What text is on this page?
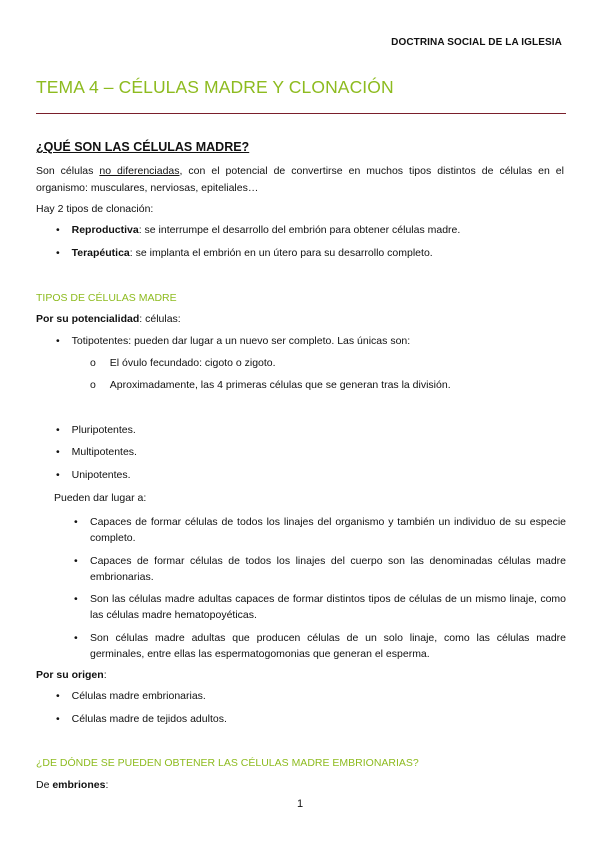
DOCTRINA SOCIAL DE LA IGLESIA
TEMA 4 – CÉLULAS MADRE Y CLONACIÓN
¿QUÉ SON LAS CÉLULAS MADRE?
Son células no diferenciadas, con el potencial de convertirse en muchos tipos distintos de células en el organismo: musculares, nerviosas, epiteliales…
Hay 2 tipos de clonación:
• Reproductiva: se interrumpe el desarrollo del embrión para obtener células madre.
• Terapéutica: se implanta el embrión en un útero para su desarrollo completo.
TIPOS DE CÉLULAS MADRE
Por su potencialidad: células:
• Totipotentes: pueden dar lugar a un nuevo ser completo. Las únicas son:
o El óvulo fecundado: cigoto o zigoto.
o Aproximadamente, las 4 primeras células que se generan tras la división.
• Pluripotentes.
• Multipotentes.
• Unipotentes.
Pueden dar lugar a:
• Capaces de formar células de todos los linajes del organismo y también un individuo de su especie completo.
• Capaces de formar células de todos los linajes del cuerpo son las denominadas células madre embrionarias.
• Son las células madre adultas capaces de formar distintos tipos de células de un mismo linaje, como las células madre hematopoyéticas.
• Son células madre adultas que producen células de un solo linaje, como las células madre germinales, entre ellas las espermatogomonias que generan el esperma.
Por su origen:
• Células madre embrionarias.
• Células madre de tejidos adultos.
¿DE DÓNDE SE PUEDEN OBTENER LAS CÉLULAS MADRE EMBRIONARIAS?
De embriones:
1
